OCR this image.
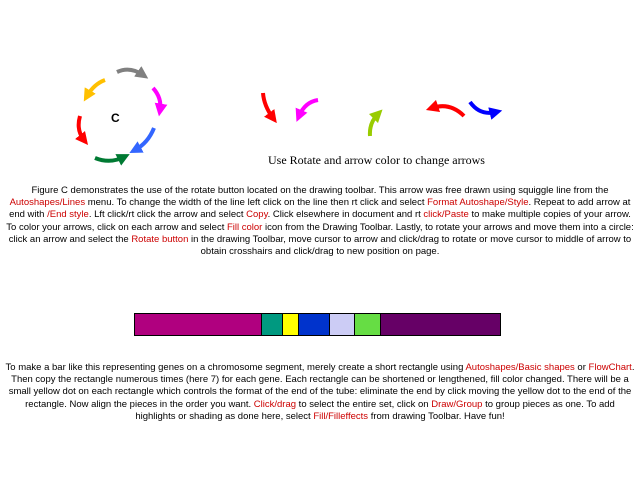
C
Use Rotate and arrow color to change arrows
Figure C demonstrates the use of the rotate button located on the drawing toolbar. This arrow was free drawn using squiggle line from the Autoshapes/Lines menu. To change the width of the line left click on the line then rt click and select Format Autoshape/Style. Repeat to add arrow at end with /End style. Lft click/rt click the arrow and select Copy. Click elsewhere in document and rt click/Paste to make multiple copies of your arrow. To color your arrows, click on each arrow and select Fill color icon from the Drawing Toolbar. Lastly, to rotate your arrows and move them into a circle: click an arrow and select the Rotate button in the drawing Toolbar, move cursor to arrow and click/drag to rotate or move cursor to middle of arrow to obtain crosshairs and click/drag to new position on page.
To make a bar like this representing genes on a chromosome segment, merely create a short rectangle using Autoshapes/Basic shapes or FlowChart. Then copy the rectangle numerous times (here 7) for each gene. Each rectangle can be shortened or lengthened, fill color changed. There will be a small yellow dot on each rectangle which controls the format of the end of the tube: eliminate the end by click moving the yellow dot to the end of the rectangle. Now align the pieces in the order you want. Click/drag to select the entire set, click on Draw/Group to group pieces as one. To add highlights or shading as done here, select Fill/Filleffects from drawing Toolbar. Have fun!
